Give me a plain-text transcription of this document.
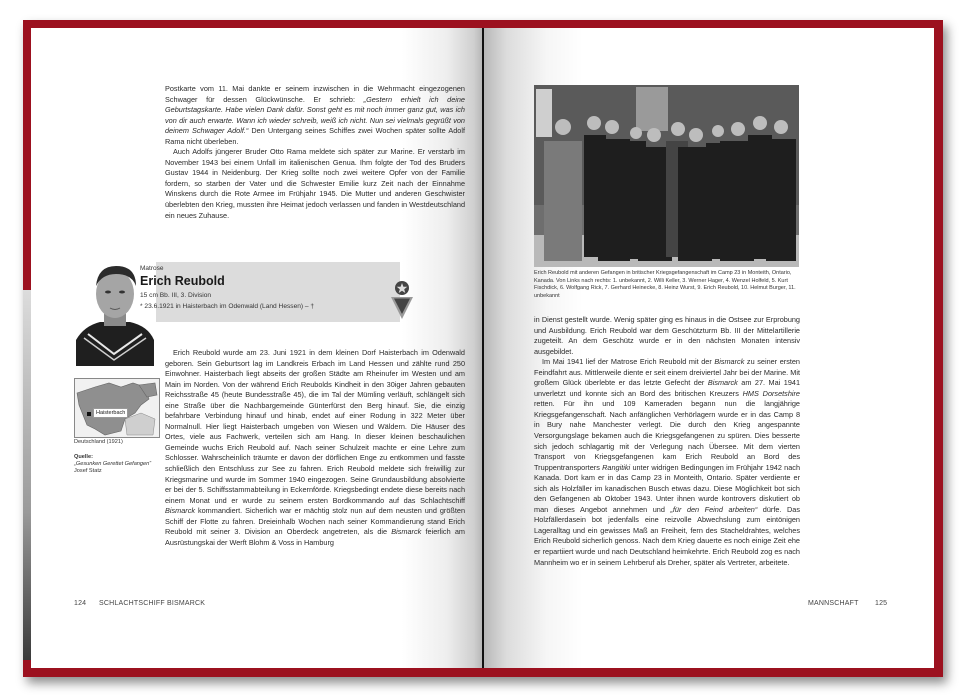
Postkarte vom 11. Mai dankte er seinem inzwischen in die Wehrmacht eingezogenen Schwager für dessen Glückwünsche. Er schrieb: „Gestern erhielt ich deine Geburtstagskarte. Habe vielen Dank dafür. Sonst geht es mit noch immer ganz gut, was ich von dir auch erwarte. Wann ich wieder schreib, weiß ich nicht. Nun sei vielmals gegrüßt von deinem Schwager Adolf.“ Den Untergang seines Schiffes zwei Wochen später sollte Adolf Rama nicht überleben.

Auch Adolfs jüngerer Bruder Otto Rama meldete sich später zur Marine. Er verstarb im November 1943 bei einem Unfall im italienischen Genua. Ihm folgte der Tod des Bruders Gustav 1944 in Neidenburg. Der Krieg sollte noch zwei weitere Opfer von der Familie fordern, so starben der Vater und die Schwester Emilie kurz Zeit nach der Einnahme Winskens durch die Rote Armee im Frühjahr 1945. Die Mutter und anderen Geschwister überlebten den Krieg, mussten ihre Heimat jedoch verlassen und fanden in Westdeutschland ein neues Zuhause.

Matrose
Erich Reubold
15 cm Bb. III, 3. Division
* 23.6.1921 in Haisterbach im Odenwald (Land Hessen) – †
Haisterbach
Deutschland (1921)
Quelle:
„Gesunken Gerettet Gefangen“
Josef Statz

Erich Reubold wurde am 23. Juni 1921 in dem kleinen Dorf Haisterbach im Odenwald geboren. Sein Geburtsort lag im Landkreis Erbach im Land Hessen und zählte rund 250 Einwohner. Haisterbach liegt abseits der großen Städte am Rheinufer im Westen und am Main im Norden. Von der während Erich Reubolds Kindheit in den 30iger Jahren gebauten Reichsstraße 45 (heute Bundesstraße 45), die im Tal der Mümling verläuft, schlängelt sich eine Straße über die Nachbargemeinde Günterfürst den Berg hinauf. Sie, die einzig befahrbare Verbindung hinauf und hinab, endet auf einer Rodung in 322 Meter über Normalnull. Hier liegt Haisterbach umgeben von Wiesen und Wäldern. Die Häuser des Ortes, viele aus Fachwerk, verteilen sich am Hang. In dieser kleinen beschaulichen Gemeinde wuchs Erich Reubold auf. Nach seiner Schulzeit machte er eine Lehre zum Schlosser. Wahrscheinlich träumte er davon der dörflichen Enge zu entkommen und fasste schließlich den Entschluss zur See zu fahren. Erich Reubold meldete sich freiwillig zur Kriegsmarine und wurde im Sommer 1940 eingezogen. Seine Grundausbildung absolvierte er bei der 5. Schiffsstammabteilung in Eckernförde. Kriegsbedingt endete diese bereits nach einem Monat und er wurde zu seinem ersten Bordkommando auf das Schlachtschiff Bismarck kommandiert. Sicherlich war er mächtig stolz nun auf dem neusten und größten Schiff der Flotte zu fahren. Dreieinhalb Wochen nach seiner Kommandierung stand Erich Reubold mit seiner 3. Division an Oberdeck angetreten, als die Bismarck feierlich am Ausrüstungskai der Werft Blohm & Voss in Hamburg

124 SCHLACHTSCHIFF BISMARCK
Erich Reubold mit anderen Gefangen in britischer Kriegsgefangenschaft im Camp 23 in Monteith, Ontario, Kanada. Von Links nach rechts: 1. unbekannt, 2. Willi Keller, 3. Werner Hager, 4. Wenzel Holfeld, 5. Kurt Fischdick, 6. Wolfgang Rick, 7. Gerhard Heinecke, 8. Heinz Wurst, 9. Erich Reubold, 10. Helmut Burger, 11. unbekannt

in Dienst gestellt wurde. Wenig später ging es hinaus in die Ostsee zur Erprobung und Ausbildung. Erich Reubold war dem Geschützturm Bb. III der Mittelartillerie zugeteilt. An dem Geschütz wurde er in den nächsten Monaten intensiv ausgebildet.

Im Mai 1941 lief der Matrose Erich Reubold mit der Bismarck zu seiner ersten Feindfahrt aus. Mittlerweile diente er seit einem dreiviertel Jahr bei der Marine. Mit großem Glück überlebte er das letzte Gefecht der Bismarck am 27. Mai 1941 unverletzt und konnte sich an Bord des britischen Kreuzers HMS Dorsetshire retten. Für ihn und 109 Kameraden begann nun die langjährige Kriegsgefangenschaft. Nach anfänglichen Verhörlagern wurde er in das Camp 8 in Bury nahe Manchester verlegt. Die durch den Krieg angespannte Versorgungslage bekamen auch die Kriegsgefangenen zu spüren. Dies besserte sich jedoch schlagartig mit der Verlegung nach Übersee. Mit dem vierten Transport von Kriegsgefangenen kam Erich Reubold an Bord des Truppentransporters Rangitiki unter widrigen Bedingungen im Frühjahr 1942 nach Kanada. Dort kam er in das Camp 23 in Monteith, Ontario. Später verdiente er sich als Holzfäller im kanadischen Busch etwas dazu. Diese Möglichkeit bot sich den Gefangenen ab Oktober 1943. Unter ihnen wurde kontrovers diskutiert ob man dieses Angebot annehmen und „für den Feind arbeiten“ dürfe. Das Holzfällerdasein bot jedenfalls eine reizvolle Abwechslung zum eintönigen Lageralltag und ein gewisses Maß an Freiheit, fern des Stacheldrahtes, welches Erich Reubold sicherlich genoss. Nach dem Krieg dauerte es noch einige Zeit ehe er repartiiert wurde und nach Deutschland heimkehrte. Erich Reubold zog es nach Mannheim wo er in seinem Lehrberuf als Dreher, später als Vertreter, arbeitete.

MANNSCHAFT 125
